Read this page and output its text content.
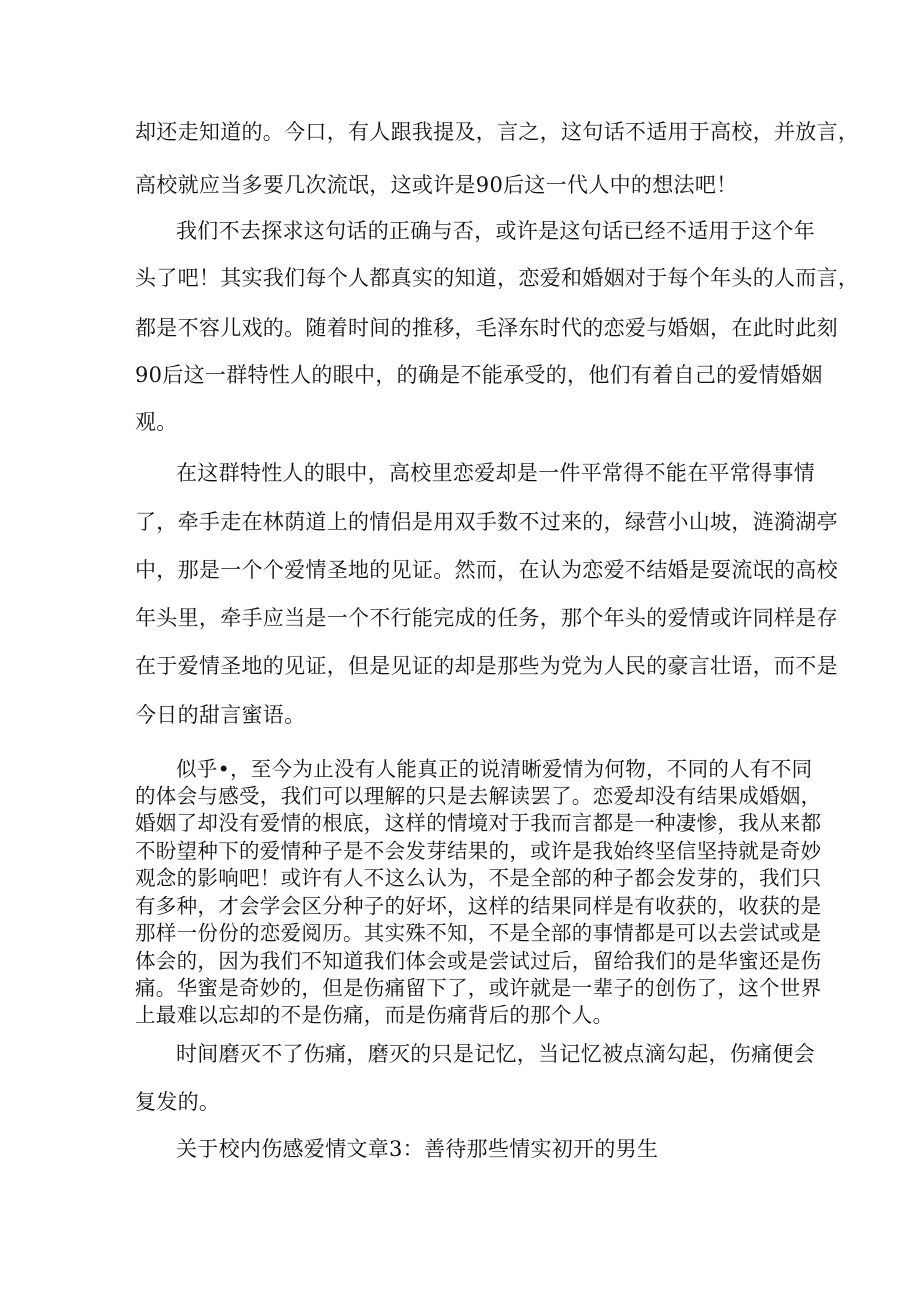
却还走知道的。今口，有人跟我提及，言之，这句话不适用于高校，并放言，
高校就应当多要几次流氓，这或许是90后这一代人中的想法吧！
我们不去探求这句话的正确与否，或许是这句话已经不适用于这个年
头了吧！其实我们每个人都真实的知道，恋爱和婚姻对于每个年头的人而言，
都是不容儿戏的。随着时间的推移，毛泽东时代的恋爱与婚姻，在此时此刻
90后这一群特性人的眼中，的确是不能承受的，他们有着自己的爱情婚姻
观。
在这群特性人的眼中，高校里恋爱却是一件平常得不能在平常得事情
了，牵手走在林荫道上的情侣是用双手数不过来的，绿营小山坡，涟漪湖亭
中，那是一个个爱情圣地的见证。然而，在认为恋爱不结婚是耍流氓的高校
年头里，牵手应当是一个不行能完成的任务，那个年头的爱情或许同样是存
在于爱情圣地的见证，但是见证的却是那些为党为人民的豪言壮语，而不是
今日的甜言蜜语。
似乎•，至今为止没有人能真正的说清晰爱情为何物，不同的人有不同
的体会与感受，我们可以理解的只是去解读罢了。恋爱却没有结果成婚姻，
婚姻了却没有爱情的根底，这样的情境对于我而言都是一种凄惨，我从来都
不盼望种下的爱情种子是不会发芽结果的，或许是我始终坚信坚持就是奇妙
观念的影响吧！或许有人不这么认为，不是全部的种子都会发芽的，我们只
有多种，才会学会区分种子的好坏，这样的结果同样是有收获的，收获的是
那样一份份的恋爱阅历。其实殊不知，不是全部的事情都是可以去尝试或是
体会的，因为我们不知道我们体会或是尝试过后，留给我们的是华蜜还是伤
痛。华蜜是奇妙的，但是伤痛留下了，或许就是一辈子的创伤了，这个世界
上最难以忘却的不是伤痛，而是伤痛背后的那个人。
时间磨灭不了伤痛，磨灭的只是记忆，当记忆被点滴勾起，伤痛便会
复发的。
关于校内伤感爱情文章3：善待那些情实初开的男生
